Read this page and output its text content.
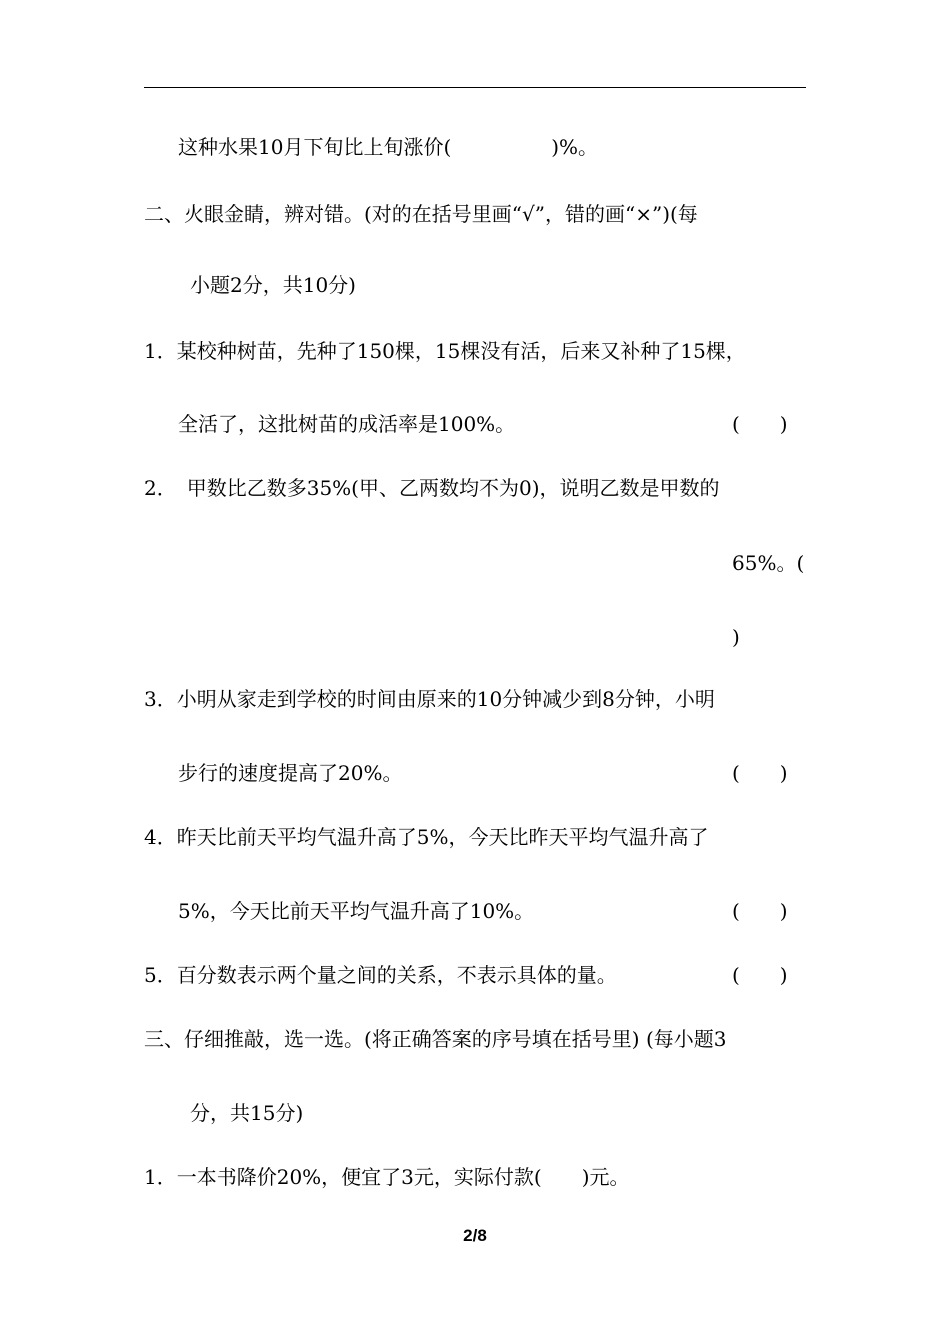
这种水果10月下旬比上旬涨价(　　　　　)%。
二、火眼金睛，辨对错。(对的在括号里画“√”，错的画“×”)(每
小题2分，共10分)
1．某校种树苗，先种了150棵，15棵没有活，后来又补种了15棵，
全活了，这批树苗的成活率是100%。	(　　)
2．　甲数比乙数多35%(甲、乙两数均不为0)，说明乙数是甲数的
65%。(
)
3．小明从家走到学校的时间由原来的10分钟减少到8分钟，小明
步行的速度提高了20%。	(　　)
4．昨天比前天平均气温升高了5%，今天比昨天平均气温升高了
5%，今天比前天平均气温升高了10%。	(　　)
5．百分数表示两个量之间的关系，不表示具体的量。	(　　)
三、仔细推敲，选一选。(将正确答案的序号填在括号里) (每小题3
分，共15分)
1．一本书降价20%，便宜了3元，实际付款(　　)元。
2/8
